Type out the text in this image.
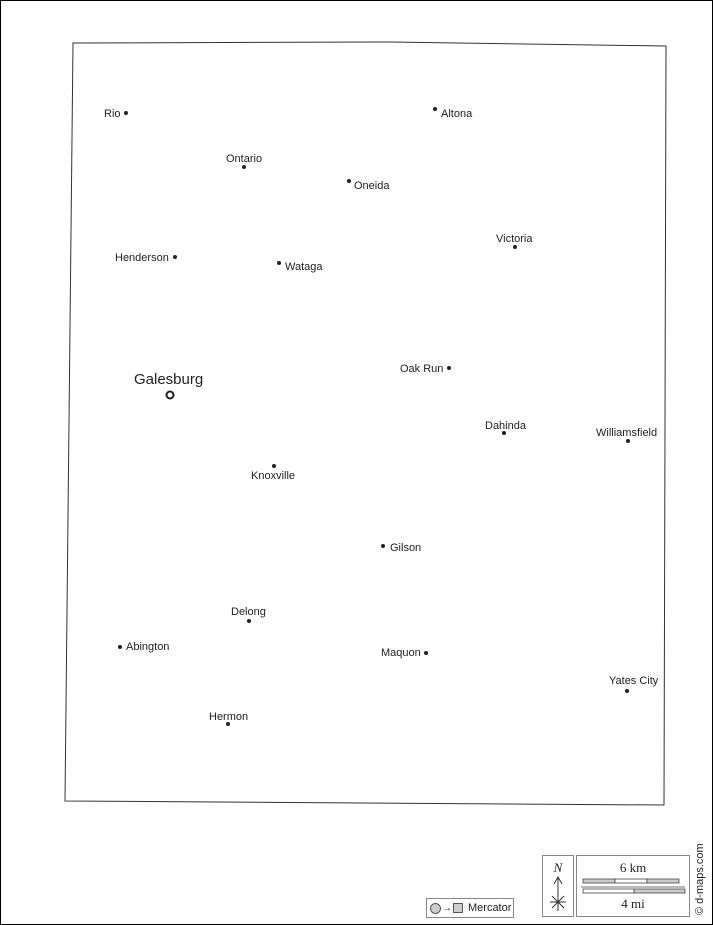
Rio	Altona
Ontario
Oneida
Victoria
Henderson
Wataga
Oak Run
Dahinda
Williamsfield
Knoxville
Gilson
Delong
Abington	Maquon
Yates City
Hermon
Galesburg
→ Mercator
N	6 km
4 mi	© d-maps.com
